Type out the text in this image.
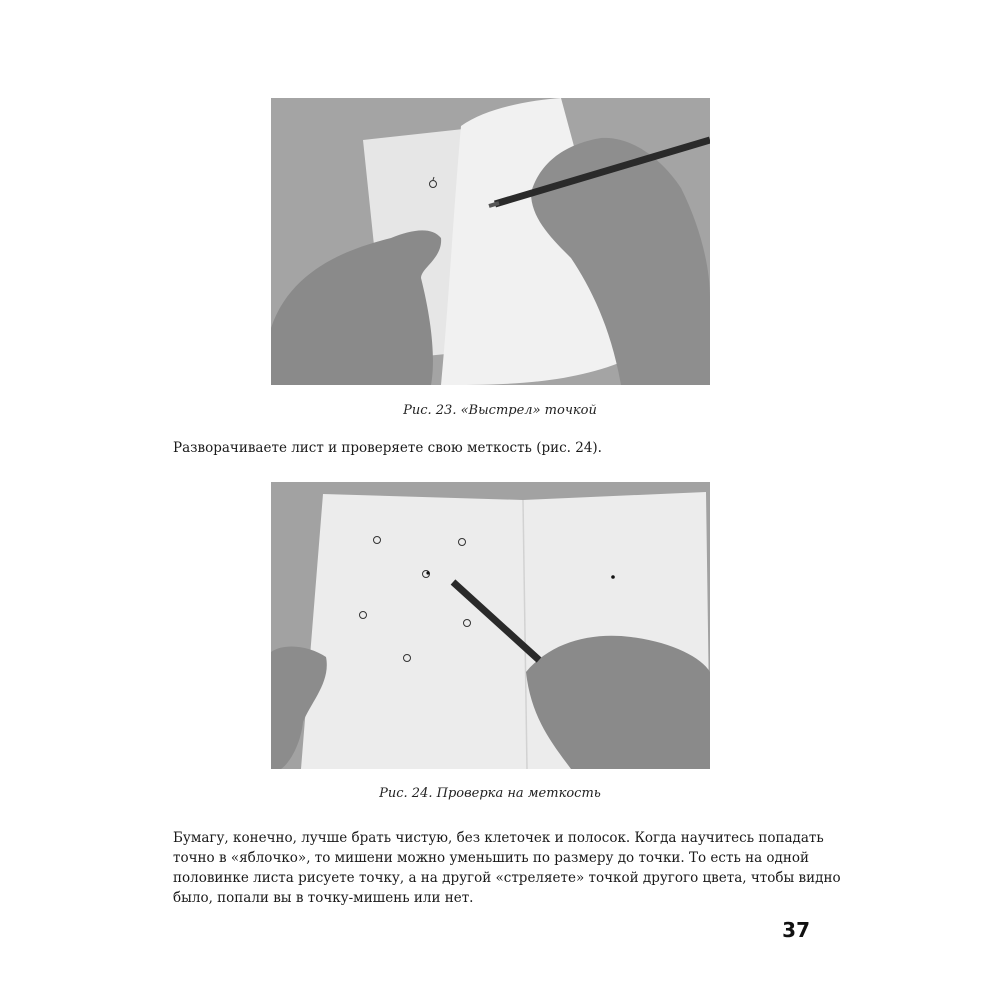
Рис. 23. «Выстрел» точкой

Разворачиваете лист и проверяете свою меткость (рис. 24).

Рис. 24. Проверка на меткость
Бумагу, конечно, лучше брать чистую, без клеточек и полосок. Когда научитесь попадать
точно в «яблочко», то мишени можно уменьшить по размеру до точки. То есть на одной
половинке листа рисуете точку, а на другой «стреляете» точкой другого цвета, чтобы видно
было, попали вы в точку-мишень или нет.
37
